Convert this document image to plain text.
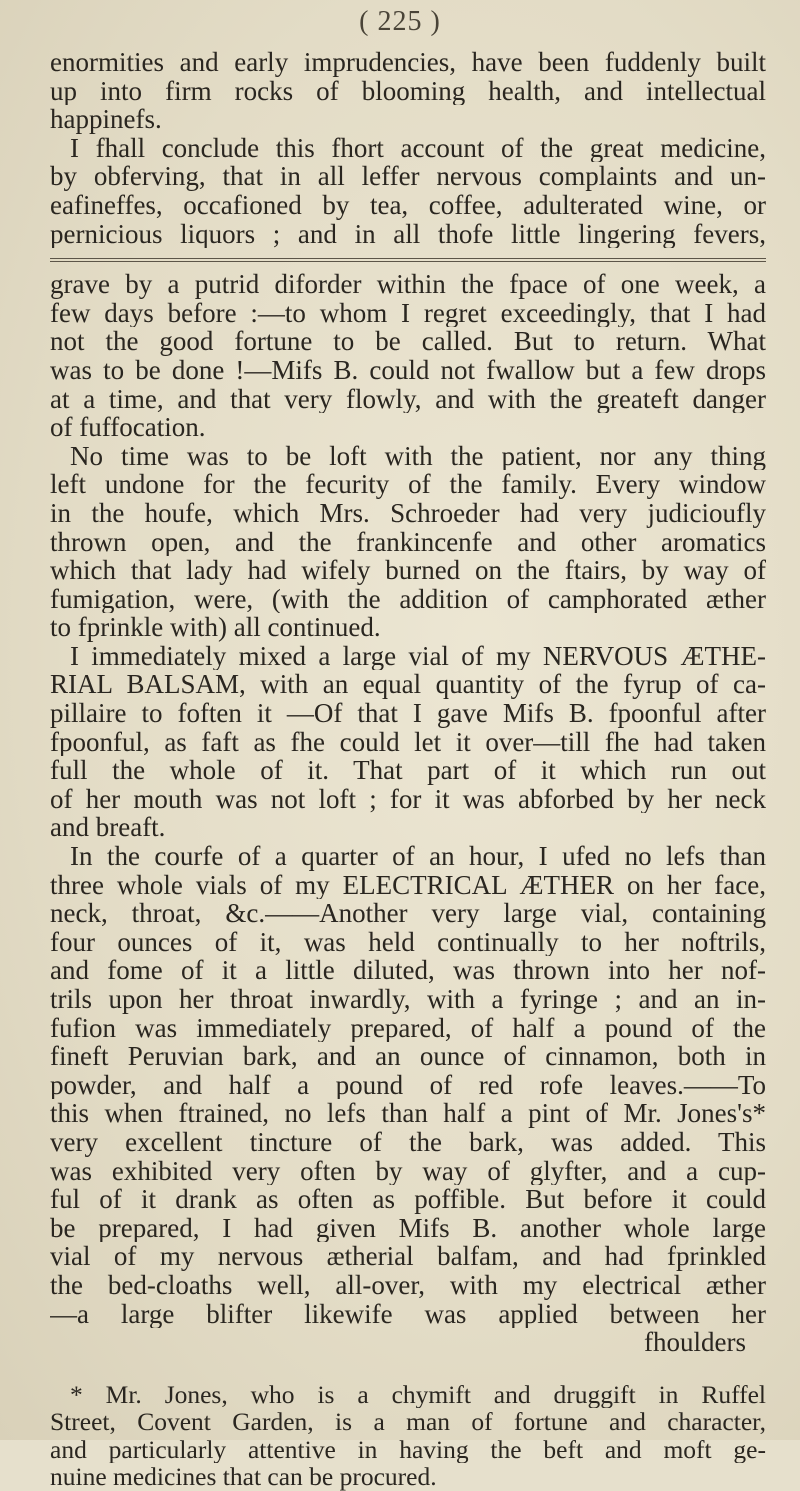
( 225 )
enormities and early imprudencies, have been fuddenly built
up into firm rocks of blooming health, and intellectual
happinefs.
I fhall conclude this fhort account of the great medicine,
by obferving, that in all leffer nervous complaints and un-
eafineffes, occafioned by tea, coffee, adulterated wine, or
pernicious liquors ; and in all thofe little lingering fevers,
grave by a putrid diforder within the fpace of one week, a
few days before :—to whom I regret exceedingly, that I had
not the good fortune to be called. But to return. What
was to be done !—Mifs B. could not fwallow but a few drops
at a time, and that very flowly, and with the greateft danger
of fuffocation.
No time was to be loft with the patient, nor any thing
left undone for the fecurity of the family. Every window
in the houfe, which Mrs. Schroeder had very judicioufly
thrown open, and the frankincenfe and other aromatics
which that lady had wifely burned on the ftairs, by way of
fumigation, were, (with the addition of camphorated æther
to fprinkle with) all continued.
I immediately mixed a large vial of my NERVOUS ÆTHE-
RIAL BALSAM, with an equal quantity of the fyrup of ca-
pillaire to foften it —Of that I gave Mifs B. fpoonful after
fpoonful, as faft as fhe could let it over—till fhe had taken
full the whole of it. That part of it which run out
of her mouth was not loft ; for it was abforbed by her neck
and breaft.
In the courfe of a quarter of an hour, I ufed no lefs than
three whole vials of my ELECTRICAL ÆTHER on her face,
neck, throat, &c.——Another very large vial, containing
four ounces of it, was held continually to her noftrils,
and fome of it a little diluted, was thrown into her nof-
trils upon her throat inwardly, with a fyringe ; and an in-
fufion was immediately prepared, of half a pound of the
fineft Peruvian bark, and an ounce of cinnamon, both in
powder, and half a pound of red rofe leaves.——To
this when ftrained, no lefs than half a pint of Mr. Jones's*
very excellent tincture of the bark, was added. This
was exhibited very often by way of glyfter, and a cup-
ful of it drank as often as poffible. But before it could
be prepared, I had given Mifs B. another whole large
vial of my nervous ætherial balfam, and had fprinkled
the bed-cloaths well, all-over, with my electrical æther
—a large blifter likewife was applied between her
fhoulders
* Mr. Jones, who is a chymift and druggift in Ruffel
Street, Covent Garden, is a man of fortune and character,
and particularly attentive in having the beft and moft ge-
nuine medicines that can be procured.
